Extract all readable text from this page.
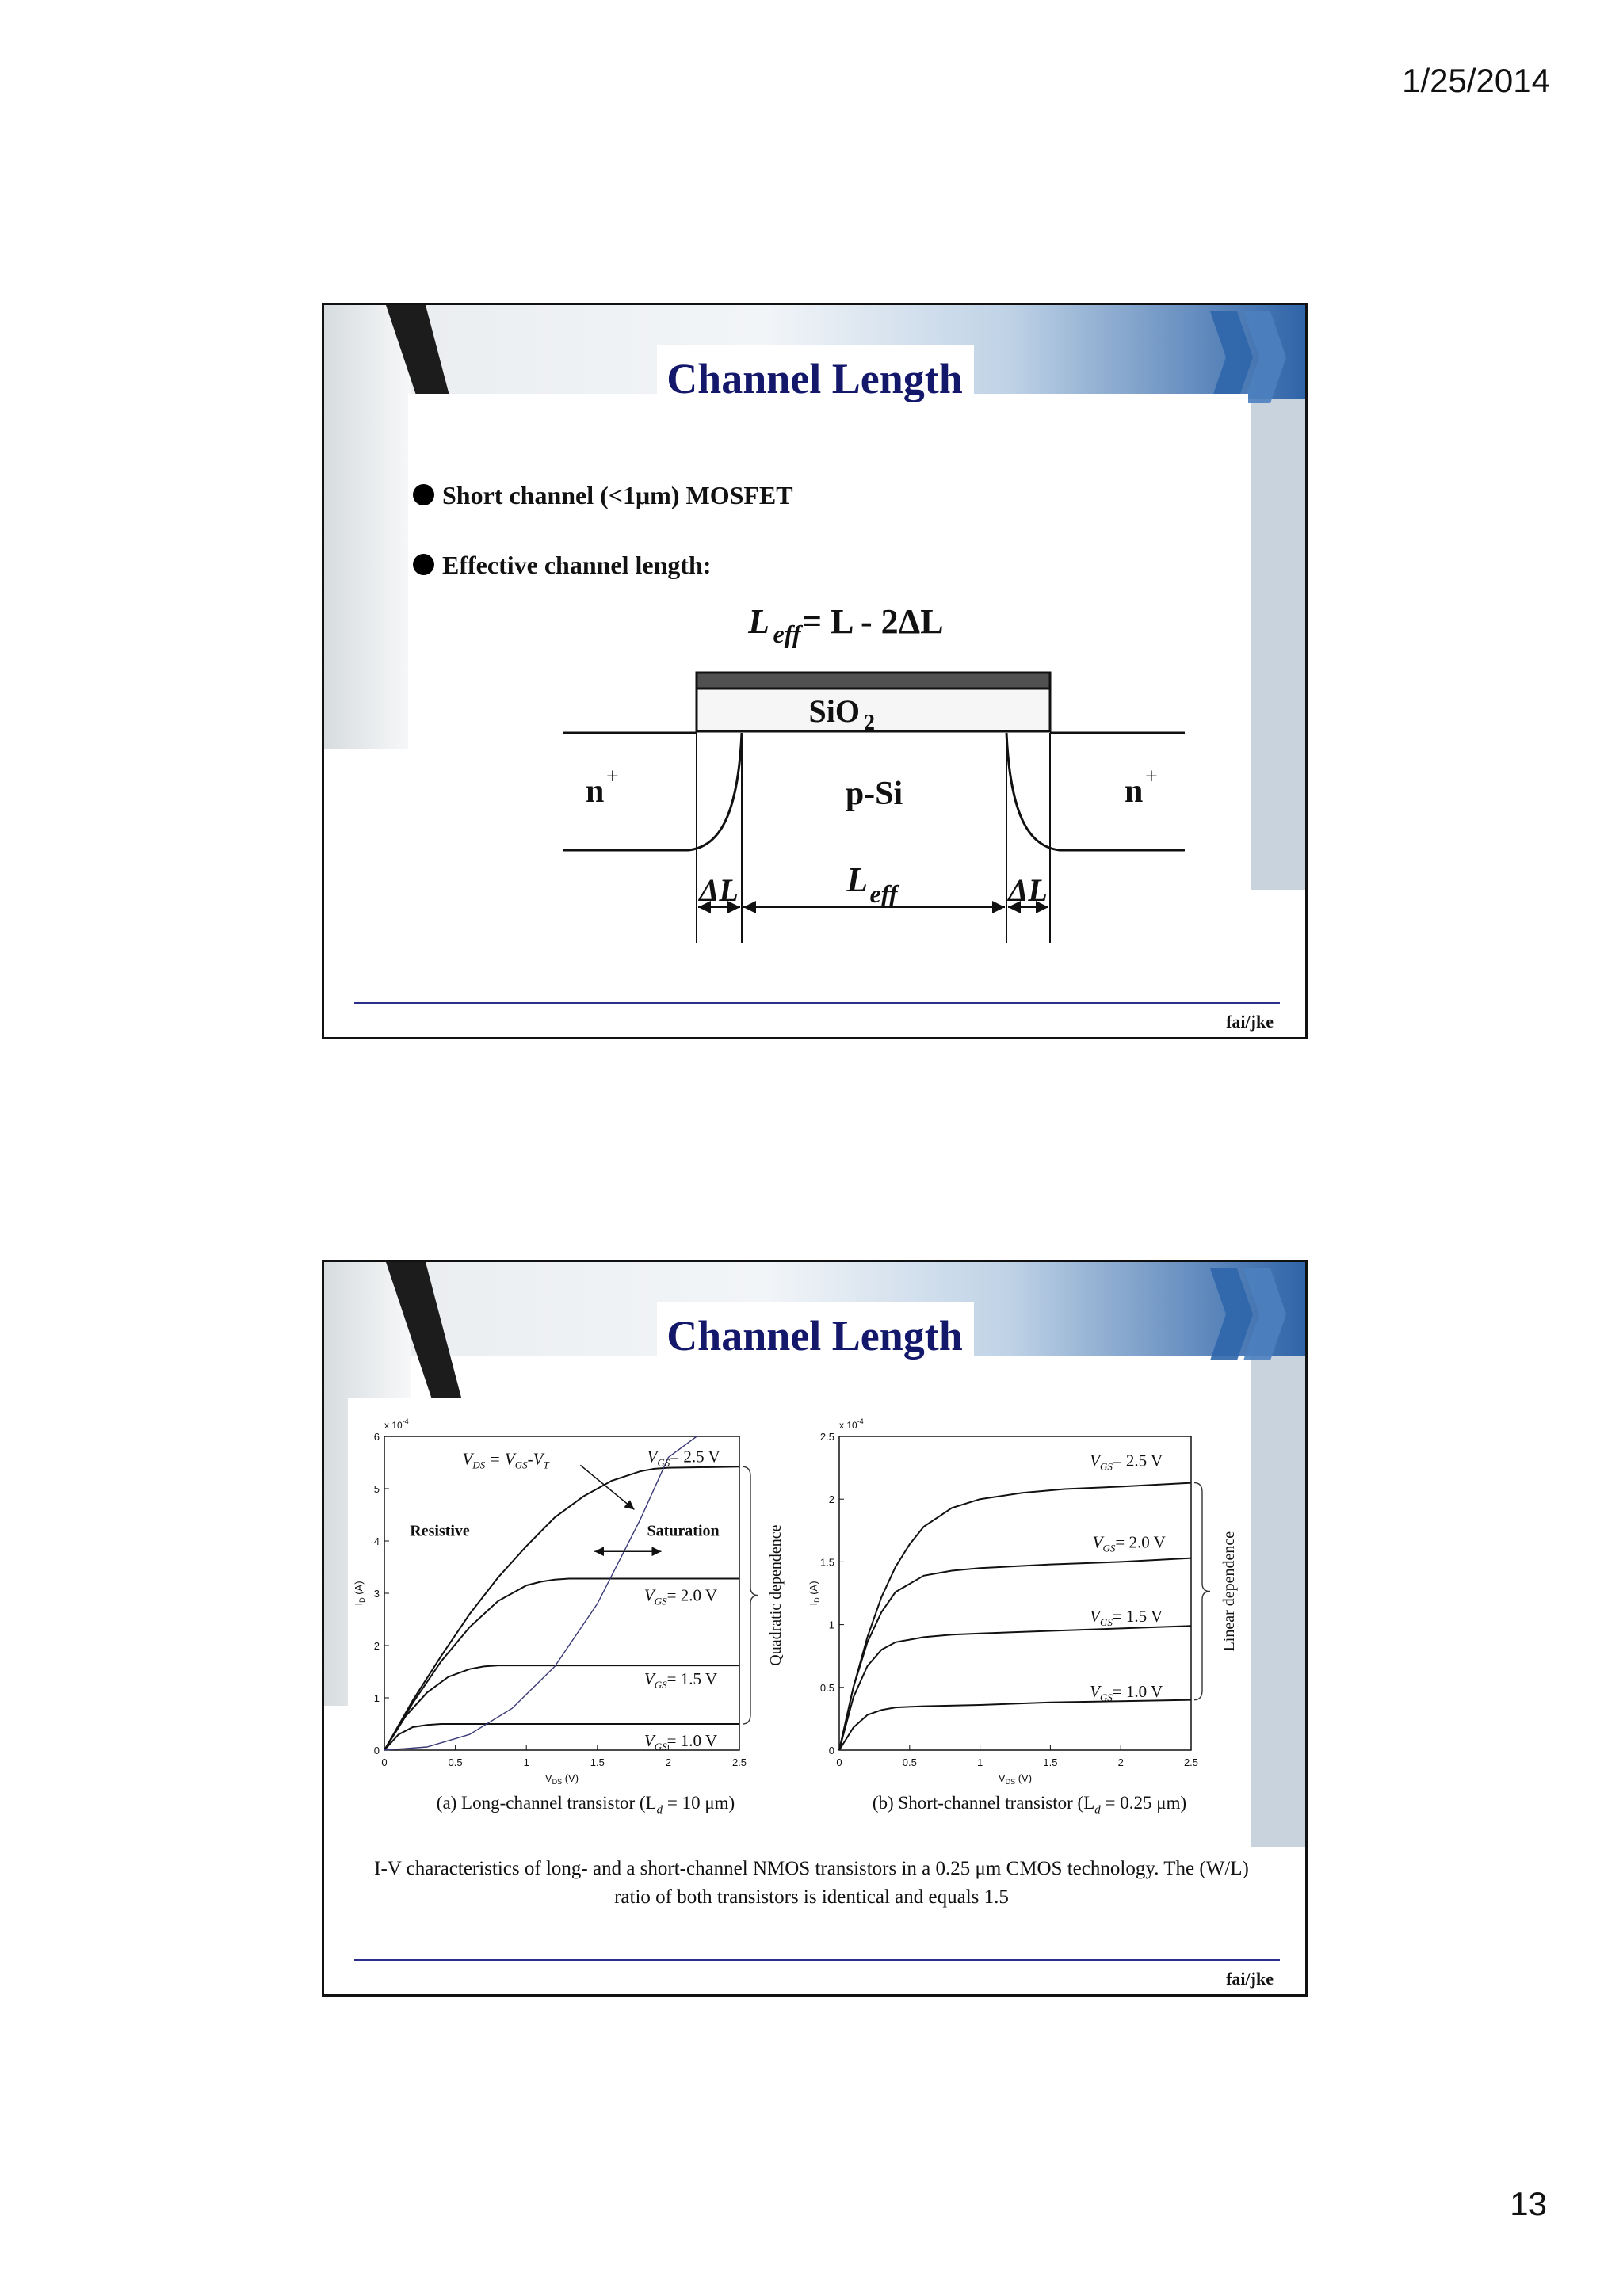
1/25/2014
13
Channel Length
Short channel (<1μm) MOSFET
Effective channel length:
L eff = L - 2ΔL
SiO 2
n +	n +
p-Si
ΔL	ΔL
L eff
fai/jke
Channel Length
0	0.5	1	1.5	2	2.5
0
1
2
3
4
5
6
$V_{DS}$ (V)
$I_D$ (A)
x $10^{-4}$
0	0.5	1	1.5	2	2.5
0
0.5
1
1.5
2
2.5
$V_{DS}$ (V)
$I_D$ (A)
x $10^{-4}$
$V_{GS}= 2.5$ V
$V_{GS}= 2.0$ V
$V_{GS}= 1.5$ V
$V_{GS}= 1.0$ V
$V_{DS} = V_{GS}-V_T$
Resistive	Saturation	Quadratic dependence
$V_{GS}= 2.5$ V
$V_{GS}= 2.0$ V
$V_{GS}= 1.5$ V
$V_{GS}= 1.0$ V
Linear dependence
(a) Long-channel transistor ($L_d = 10$ μm)	(b) Short-channel transistor ($L_d = 0.25$ μm)
I-V characteristics of long- and a short-channel NMOS transistors in a 0.25 μm CMOS technology. The (W/L)
ratio of both transistors is identical and equals 1.5
fai/jke
